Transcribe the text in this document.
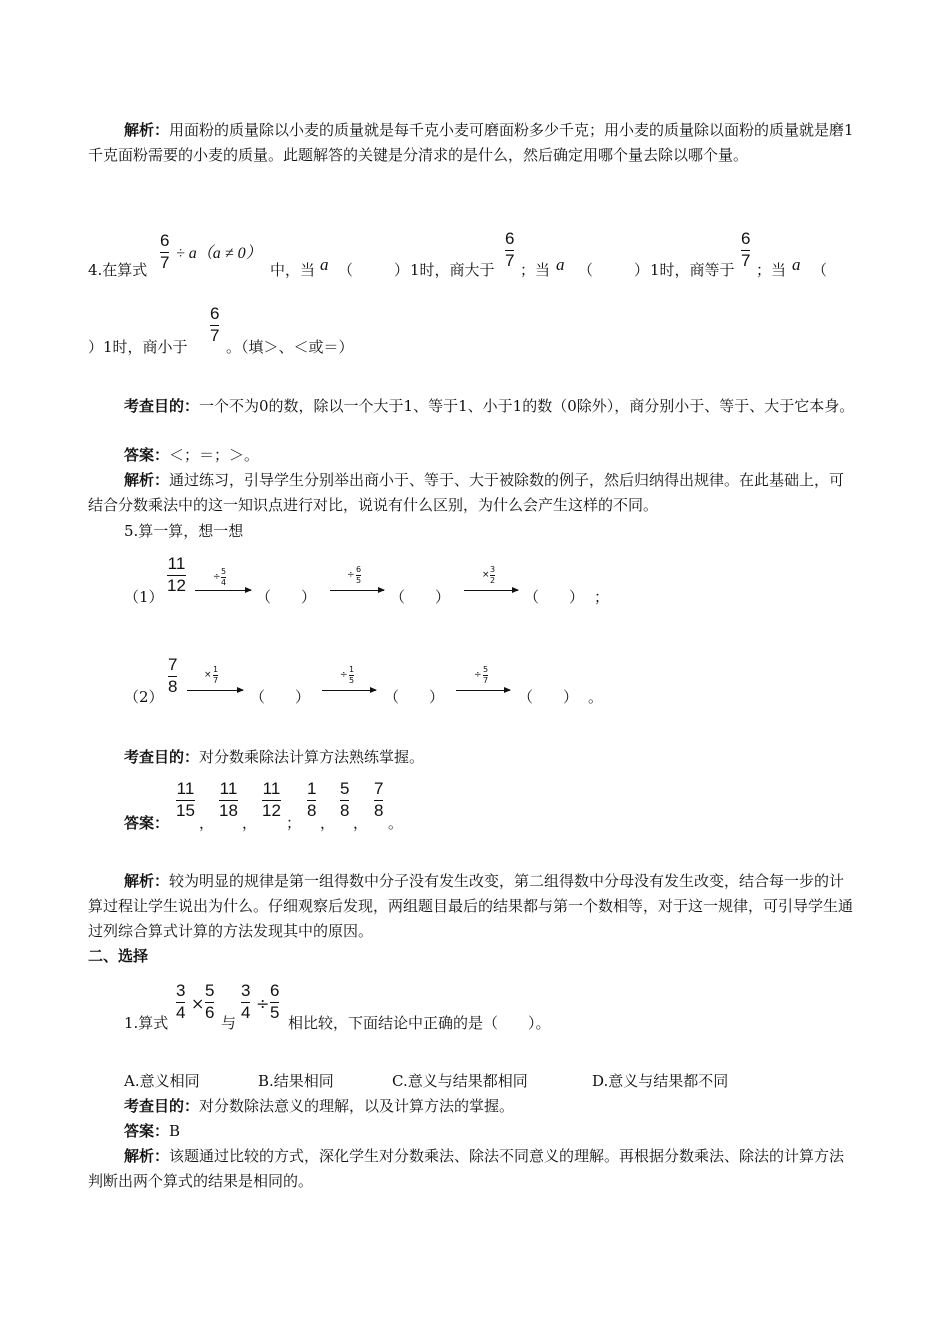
解析：用面粉的质量除以小麦的质量就是每千克小麦可磨面粉多少千克；用小麦的质量除以面粉的质量就是磨1千克面粉需要的小麦的质量。此题解答的关键是分清求的是什么，然后确定用哪个量去除以哪个量。
4.在算式
6
7 ÷ a（a ≠ 0）
中，当 a （	） 1时，商大于
6
7 ；当 a （	） 1时，商等于
6
7 ；当 a （
）1时，商小于
6
7
。（填＞、＜或＝）
考查目的：一个不为0的数，除以一个大于1、等于1、小于1的数（0除外），商分别小于、等于、大于它本身。
答案：＜；＝；＞。
解析：通过练习，引导学生分别举出商小于、等于、大于被除数的例子，然后归纳得出规律。在此基础上，可结合分数乘法中的这一知识点进行对比，说说有什么区别，为什么会产生这样的不同。
5.算一算，想一想
（1）
11
12	÷
5
4
（　　）
÷
6
5
（　　）
×
3
2
（　　） ；
（2）
7
8
×
1
7
（　　）
÷
1
5
（　　）
÷
5
7
（　　） 。
考查目的：对分数乘除法计算方法熟练掌握。
答案：
11
15
，
11
18
，
11
12
；
1
8
，
5
8
，
7
8
。
解析：较为明显的规律是第一组得数中分子没有发生改变，第二组得数中分母没有发生改变，结合每一步的计算过程让学生说出为什么。仔细观察后发现，两组题目最后的结果都与第一个数相等，对于这一规律，可引导学生通过列综合算式计算的方法发现其中的原因。
二、选择
1.算式
3
4 ×
5
6
与
3
4 ÷
6
5
相比较，下面结论中正确的是（　　）。
A.意义相同	B.结果相同	C.意义与结果都相同	D.意义与结果都不同
考查目的：对分数除法意义的理解，以及计算方法的掌握。
答案：B
解析：该题通过比较的方式，深化学生对分数乘法、除法不同意义的理解。再根据分数乘法、除法的计算方法判断出两个算式的结果是相同的。
